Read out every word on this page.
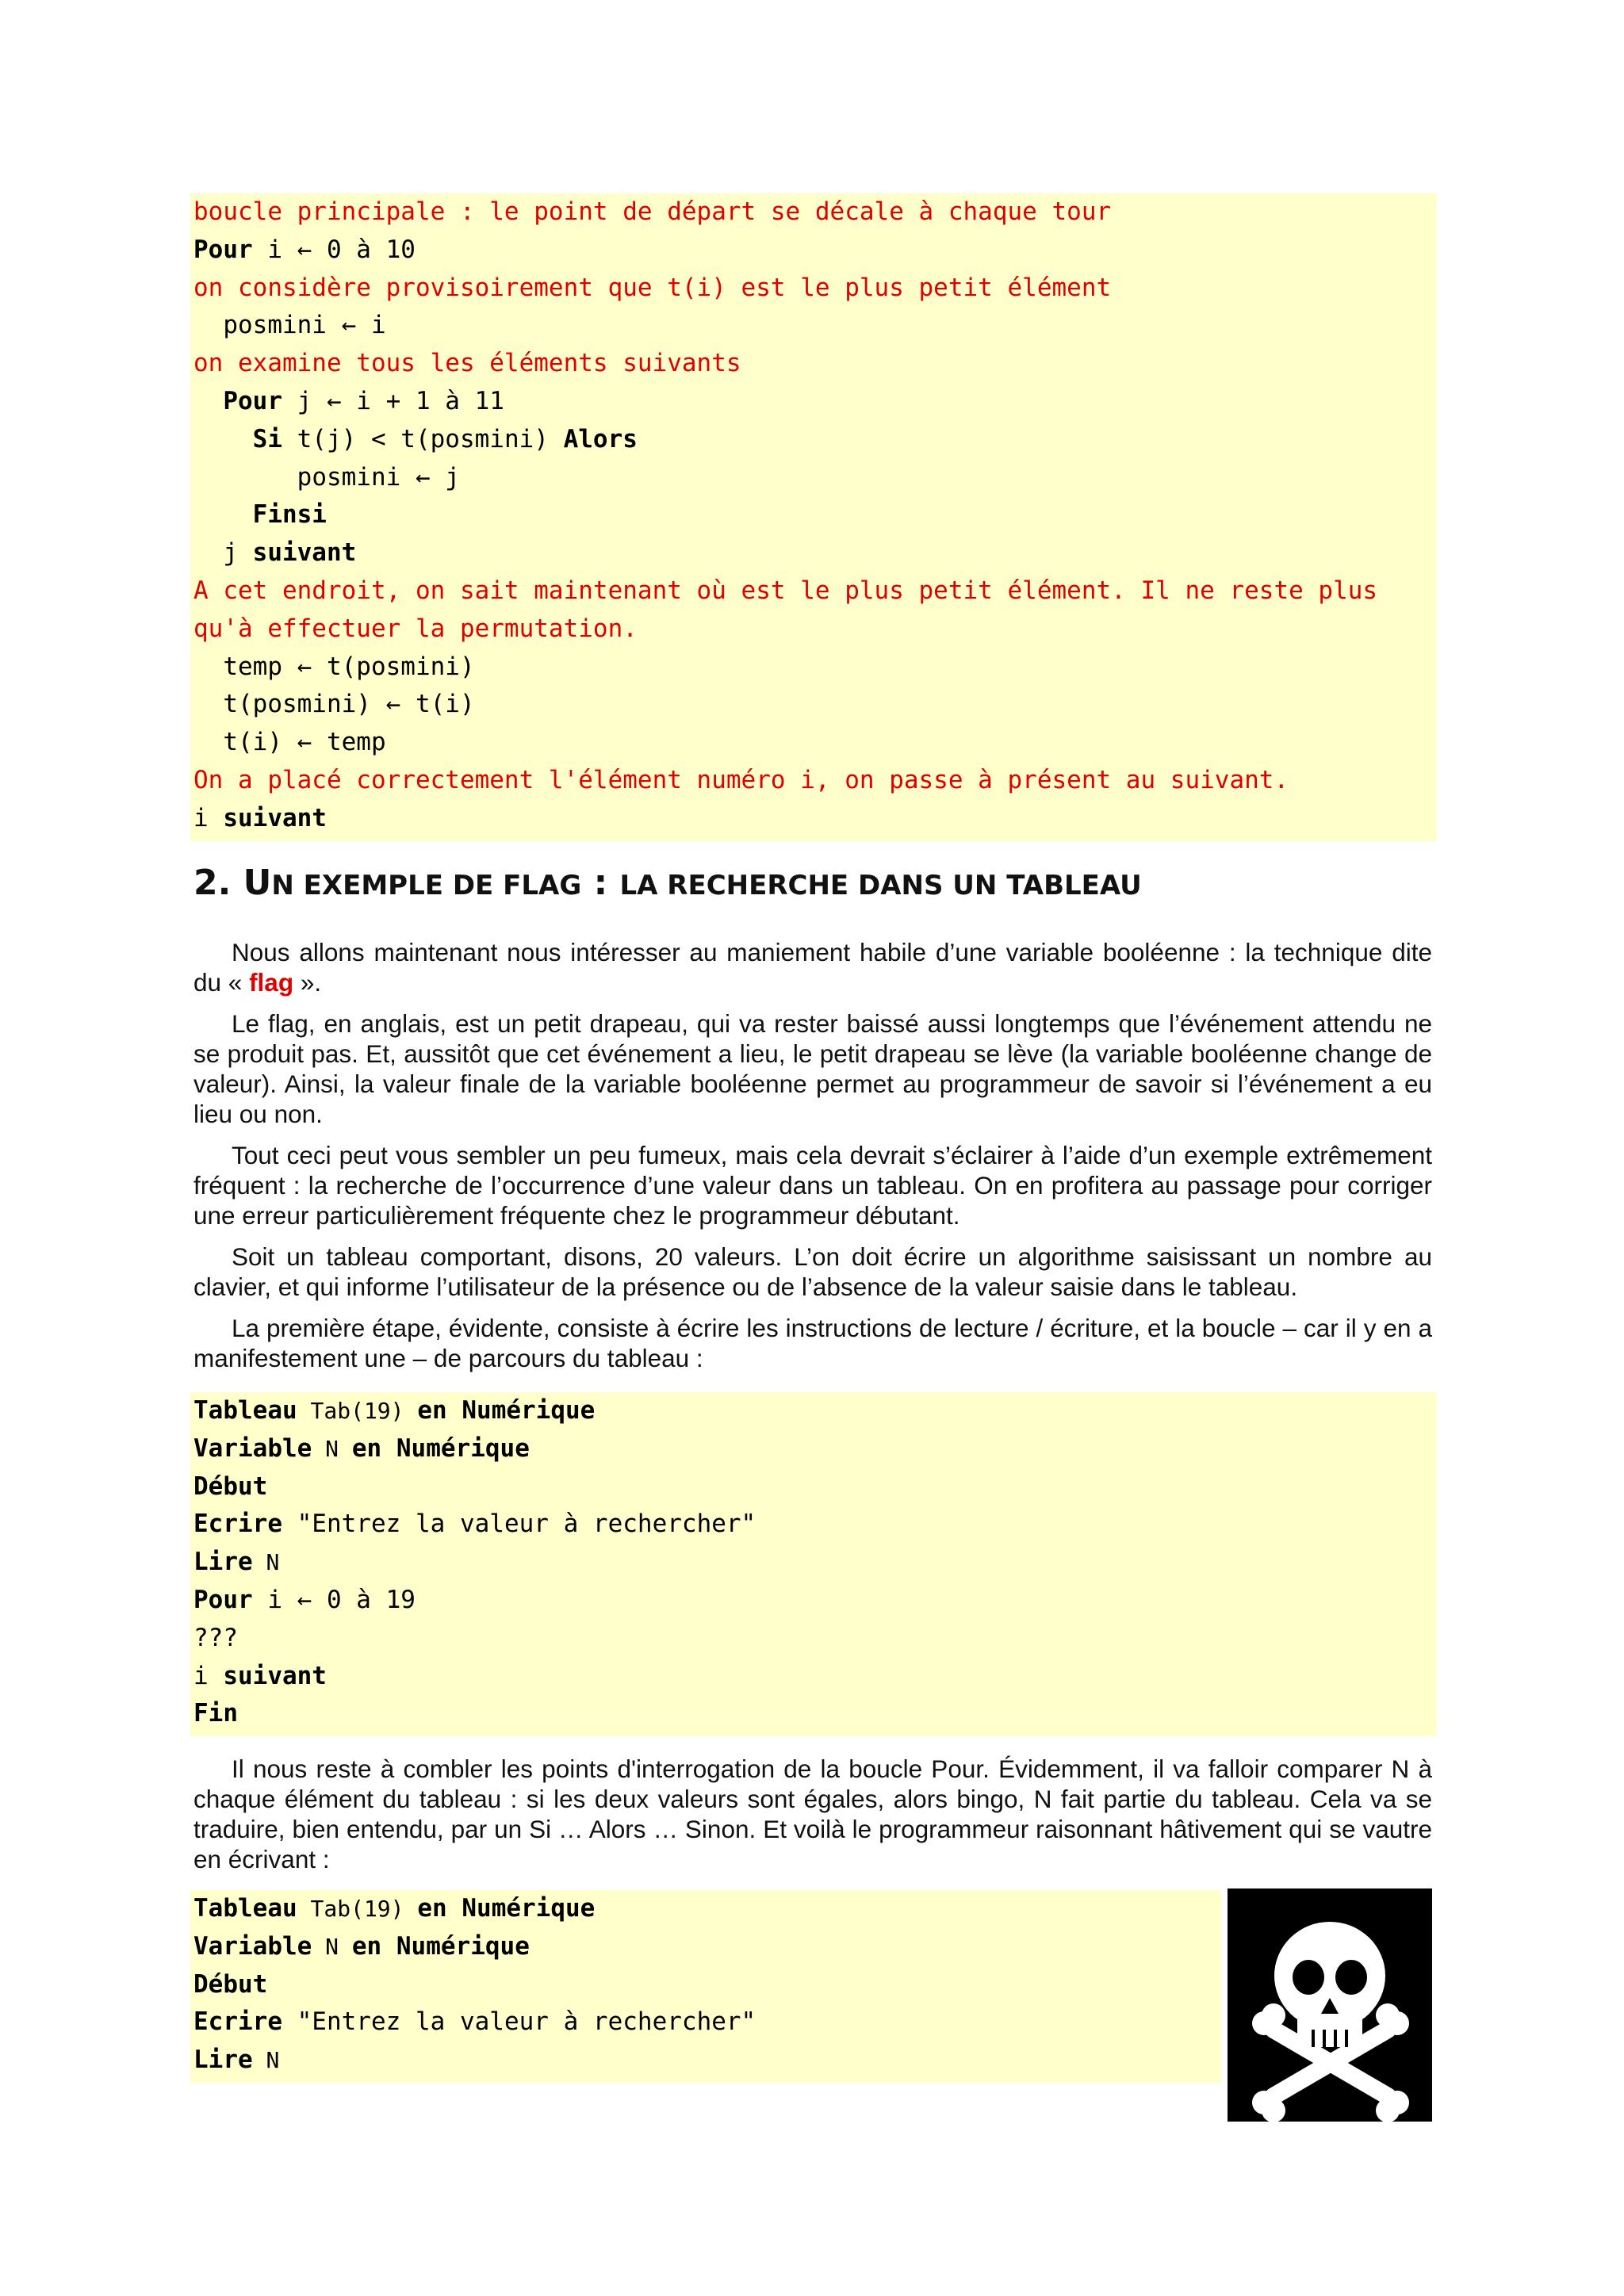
boucle principale : le point de départ se décale à chaque tour
Pour i ← 0 à 10
on considère provisoirement que t(i) est le plus petit élément
posmini ← i
on examine tous les éléments suivants
Pour j ← i + 1 à 11
Si t(j) < t(posmini) Alors
posmini ← j
Finsi
j suivant
A cet endroit, on sait maintenant où est le plus petit élément. Il ne reste plus
qu'à effectuer la permutation.
temp ← t(posmini)
t(posmini) ← t(i)
t(i) ← temp
On a placé correctement l'élément numéro i, on passe à présent au suivant.
i suivant
2. UN EXEMPLE DE FLAG : LA RECHERCHE DANS UN TABLEAU

Nous allons maintenant nous intéresser au maniement habile d’une variable booléenne : la technique dite du « flag ».

Le flag, en anglais, est un petit drapeau, qui va rester baissé aussi longtemps que l’événement attendu ne se produit pas. Et, aussitôt que cet événement a lieu, le petit drapeau se lève (la variable booléenne change de valeur). Ainsi, la valeur finale de la variable booléenne permet au programmeur de savoir si l’événement a eu lieu ou non.

Tout ceci peut vous sembler un peu fumeux, mais cela devrait s’éclairer à l’aide d’un exemple extrêmement fréquent : la recherche de l’occurrence d’une valeur dans un tableau. On en profitera au passage pour corriger une erreur particulièrement fréquente chez le programmeur débutant.

Soit un tableau comportant, disons, 20 valeurs. L’on doit écrire un algorithme saisissant un nombre au clavier, et qui informe l’utilisateur de la présence ou de l’absence de la valeur saisie dans le tableau.

La première étape, évidente, consiste à écrire les instructions de lecture / écriture, et la boucle – car il y en a manifestement une – de parcours du tableau :

Tableau Tab(19) en Numérique
Variable N en Numérique
Début
Ecrire "Entrez la valeur à rechercher"
Lire N
Pour i ← 0 à 19
???
i suivant
Fin

Il nous reste à combler les points d'interrogation de la boucle Pour. Évidemment, il va falloir comparer N à chaque élément du tableau : si les deux valeurs sont égales, alors bingo, N fait partie du tableau. Cela va se traduire, bien entendu, par un Si … Alors … Sinon. Et voilà le programmeur raisonnant hâtivement qui se vautre en écrivant :

Tableau Tab(19) en Numérique
Variable N en Numérique
Début
Ecrire "Entrez la valeur à rechercher"
Lire N
